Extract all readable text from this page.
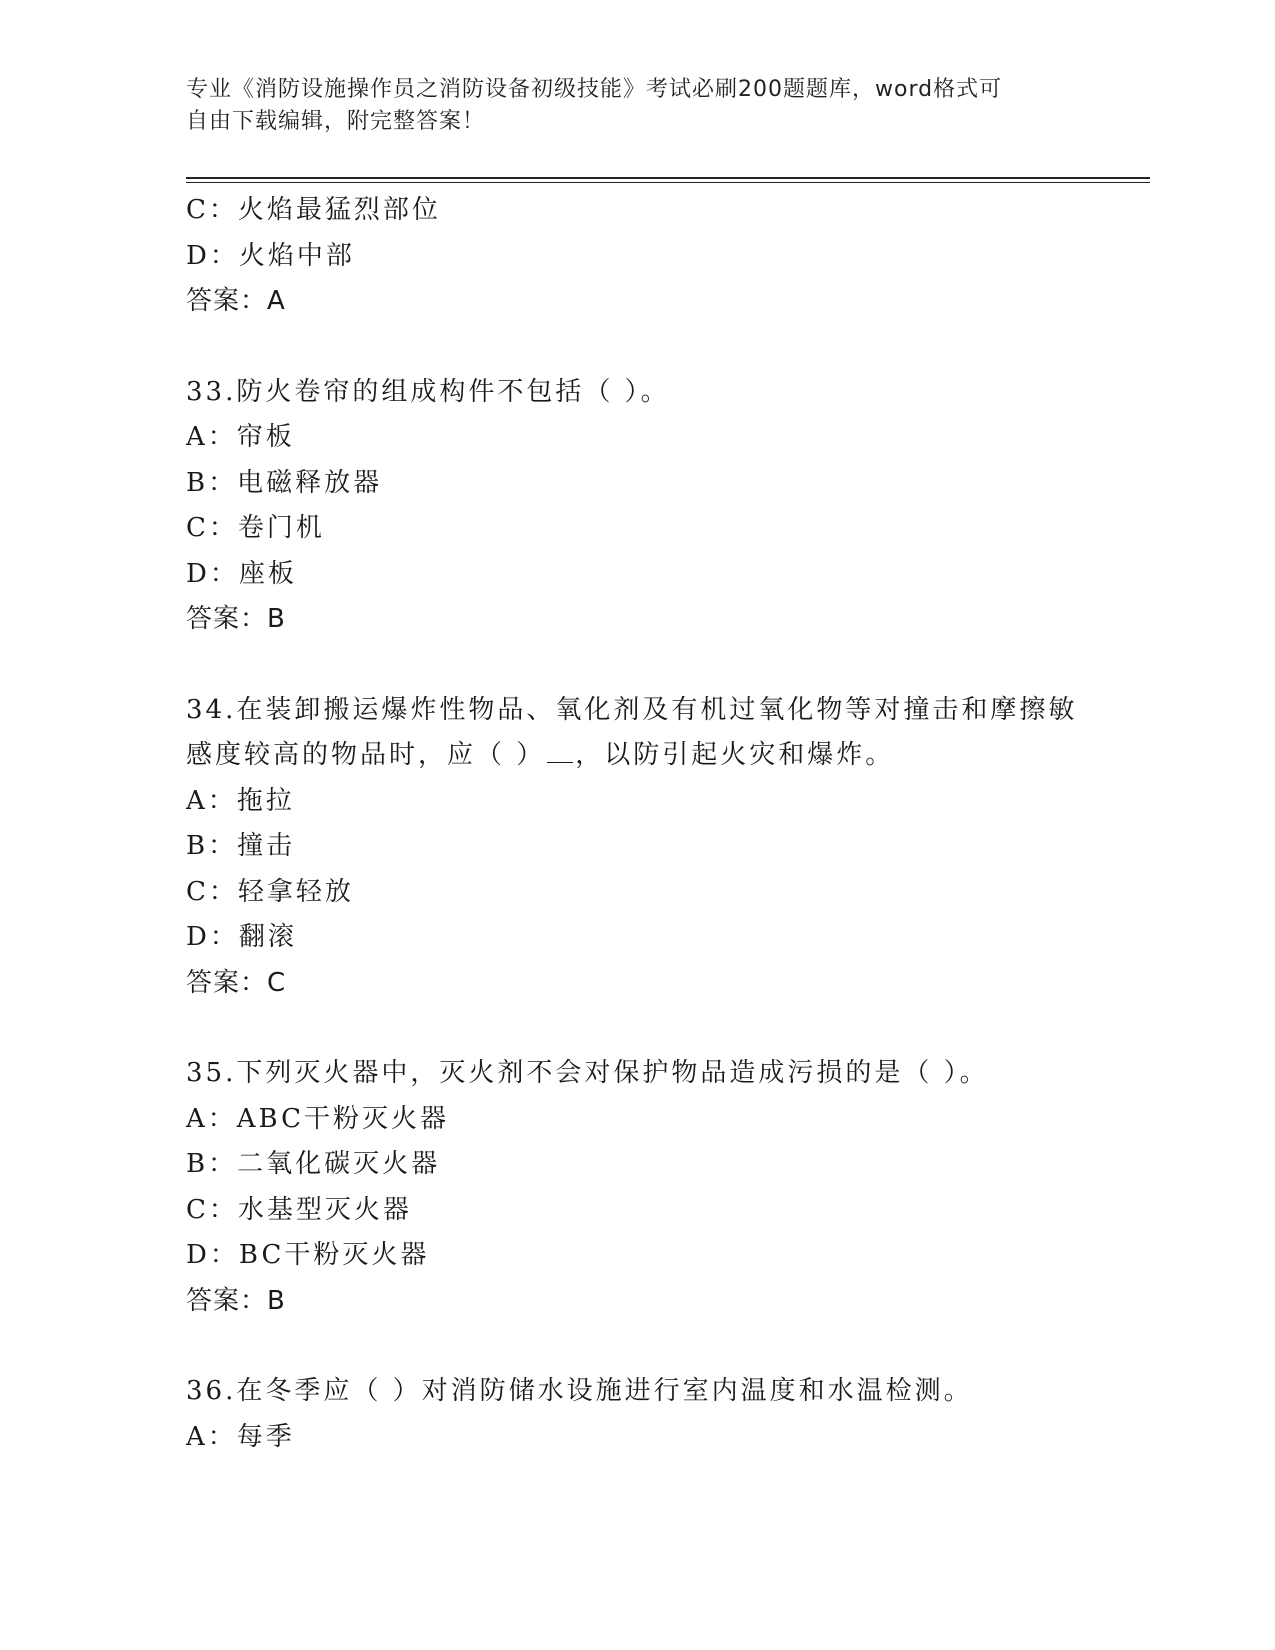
专业《消防设施操作员之消防设备初级技能》考试必刷200题题库，word格式可
自由下载编辑，附完整答案！
C：火焰最猛烈部位
D：火焰中部
答案：A
33.防火卷帘的组成构件不包括（ ）。
A：帘板
B：电磁释放器
C：卷门机
D：座板
答案：B
34.在装卸搬运爆炸性物品、氧化剂及有机过氧化物等对撞击和摩擦敏
感度较高的物品时，应（ ） ，以防引起火灾和爆炸。
A：拖拉
B：撞击
C：轻拿轻放
D：翻滚
答案：C
35.下列灭火器中，灭火剂不会对保护物品造成污损的是（ ）。
A：ABC干粉灭火器
B：二氧化碳灭火器
C：水基型灭火器
D：BC干粉灭火器
答案：B
36.在冬季应（ ）对消防储水设施进行室内温度和水温检测。
A：每季
